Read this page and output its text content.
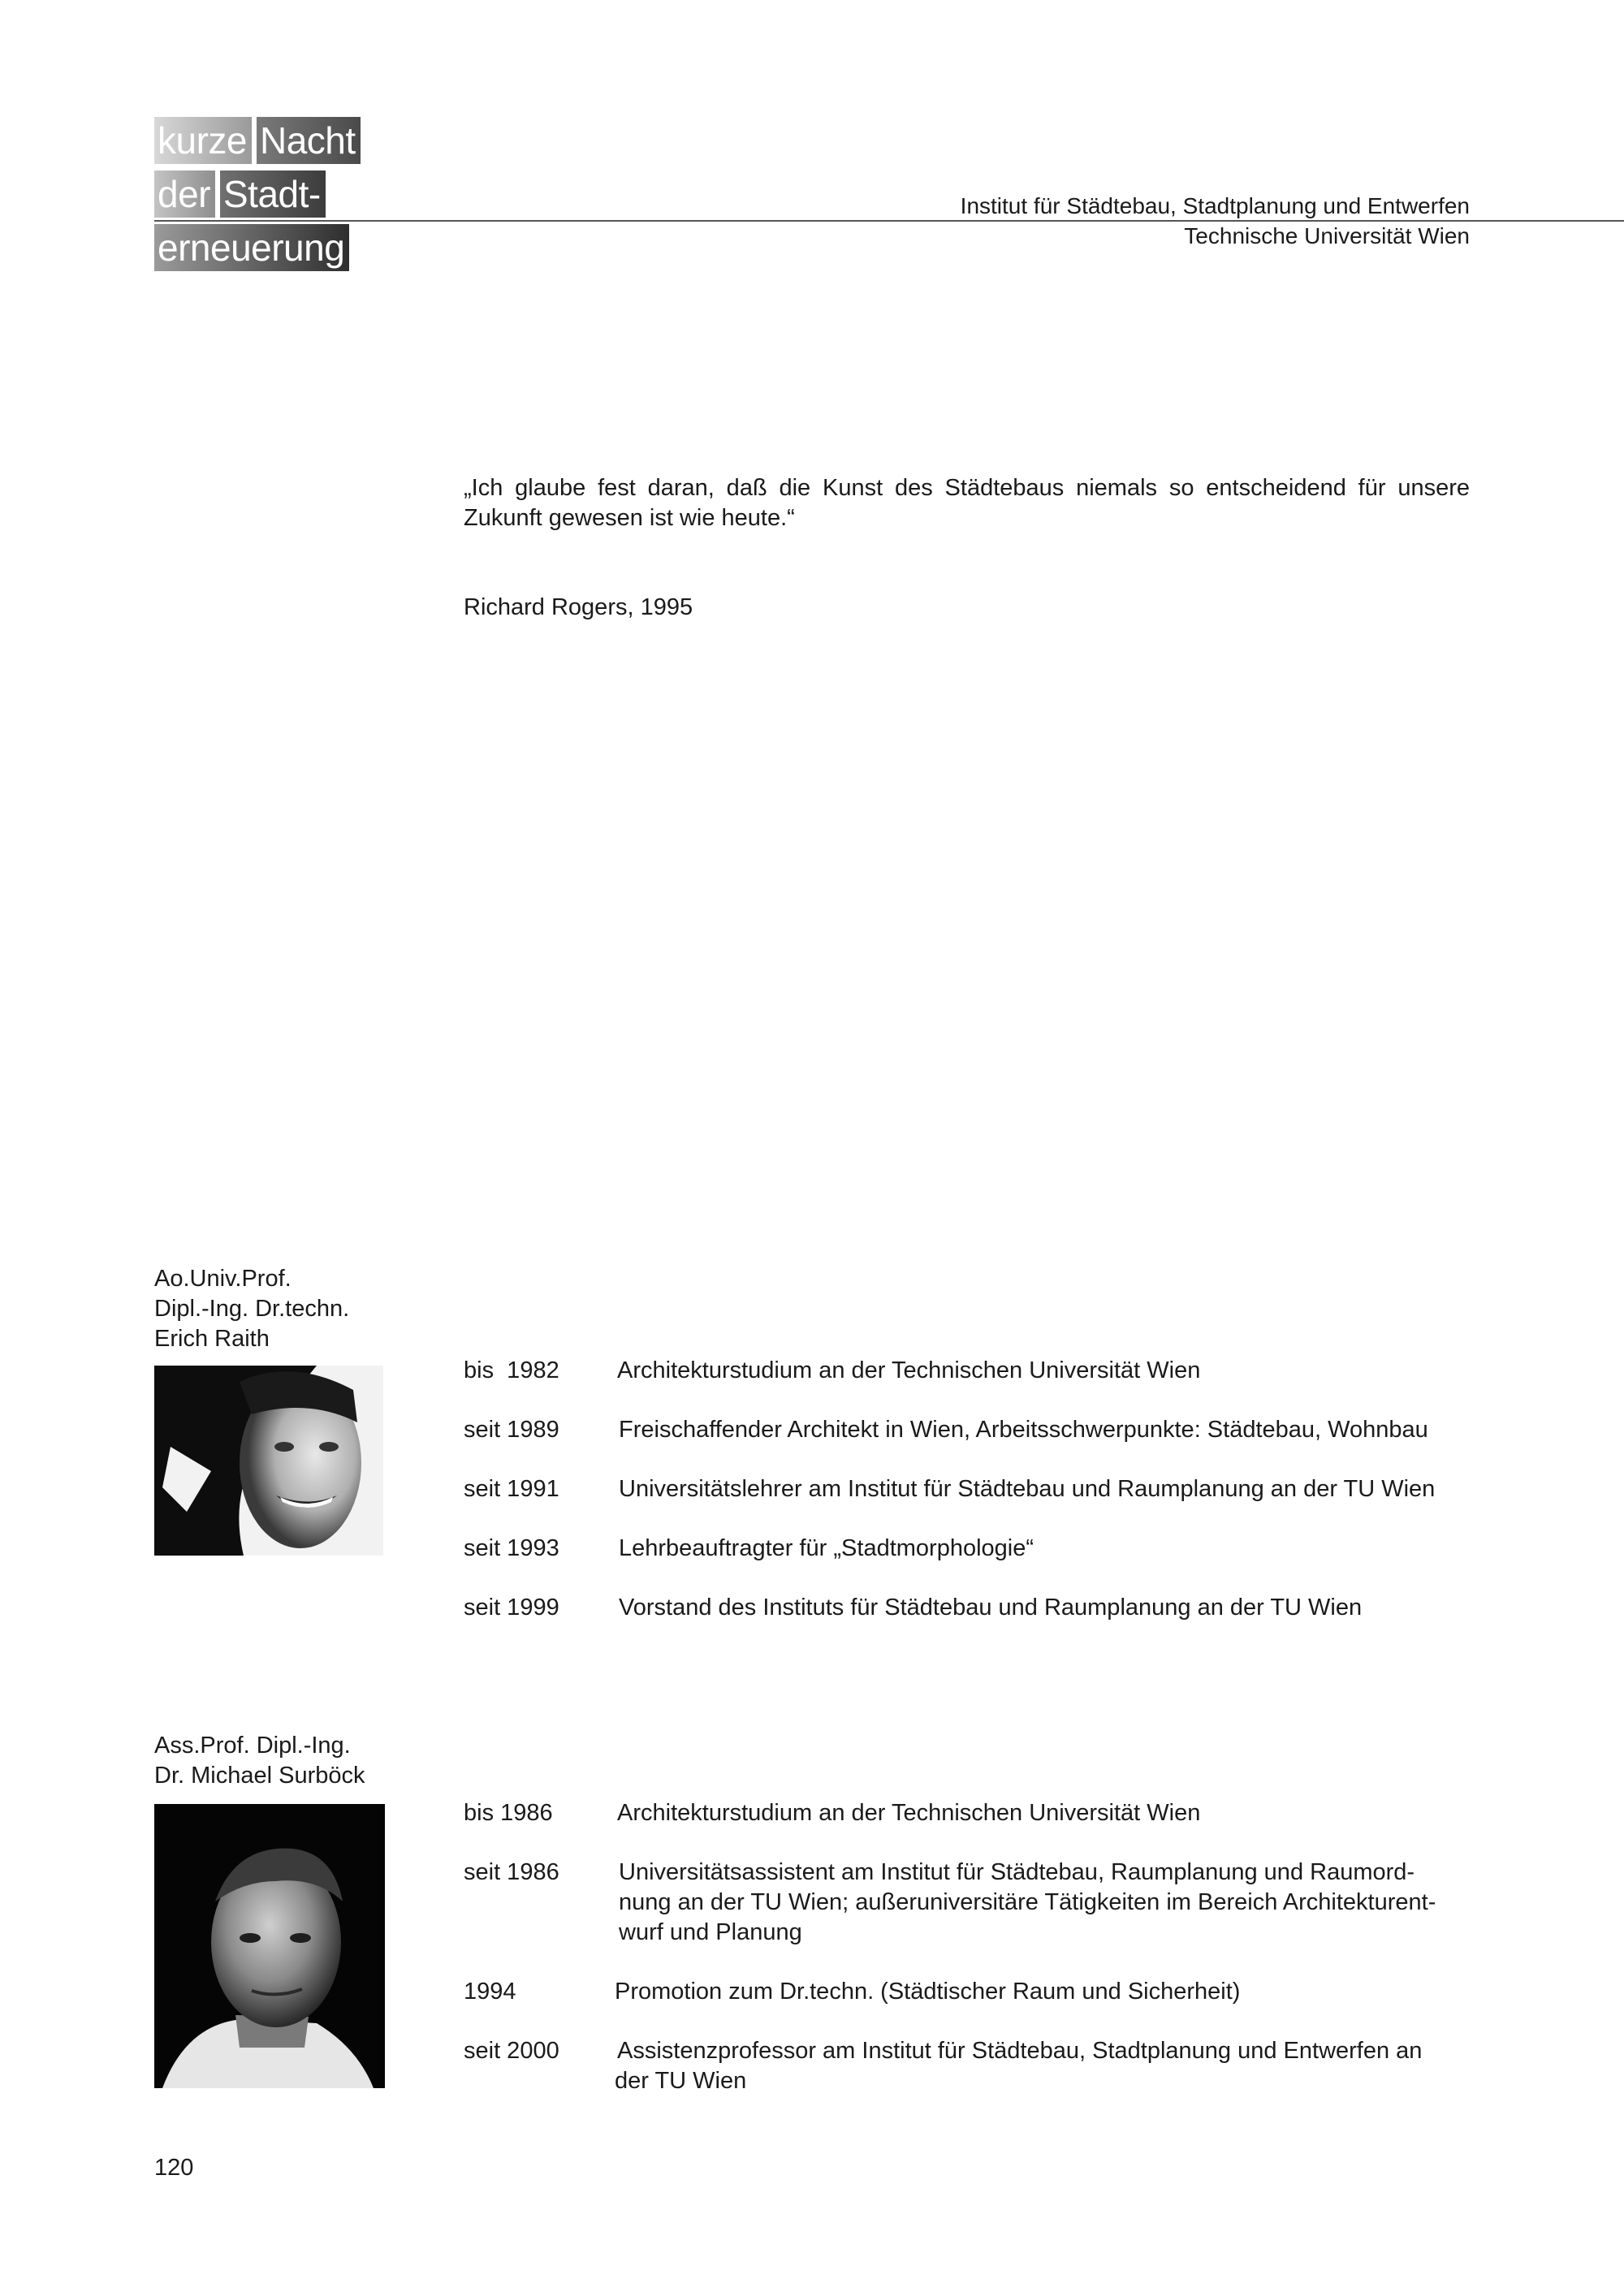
kurze Nacht
der Stadt-
erneuerung
Institut für Städtebau, Stadtplanung und Entwerfen
Technische Universität Wien
„Ich glaube fest daran, daß die Kunst des Städtebaus niemals so entscheidend für unsere Zukunft gewesen ist wie heute.“
Richard Rogers, 1995
Ao.Univ.Prof.
Dipl.-Ing. Dr.techn.
Erich Raith
bis  1982 Architekturstudium an der Technischen Universität Wien
seit 1989	Freischaffender Architekt in Wien, Arbeitsschwerpunkte: Städtebau, Wohnbau
seit 1991	Universitätslehrer am Institut für Städtebau und Raumplanung an der TU Wien
seit 1993	Lehrbeauftragter für „Stadtmorphologie“
seit 1999	Vorstand des Instituts für Städtebau und Raumplanung an der TU Wien
Ass.Prof. Dipl.-Ing.
Dr. Michael Surböck
bis 1986	Architekturstudium an der Technischen Universität Wien
seit 1986	Universitätsassistent am Institut für Städtebau, Raumplanung und Raumord-
nung an der TU Wien; außeruniversitäre Tätigkeiten im Bereich Architekturent-
wurf und Planung
1994	Promotion zum Dr.techn. (Städtischer Raum und Sicherheit)
seit 2000 Assistenzprofessor am Institut für Städtebau, Stadtplanung und Entwerfen an
der TU Wien
120
